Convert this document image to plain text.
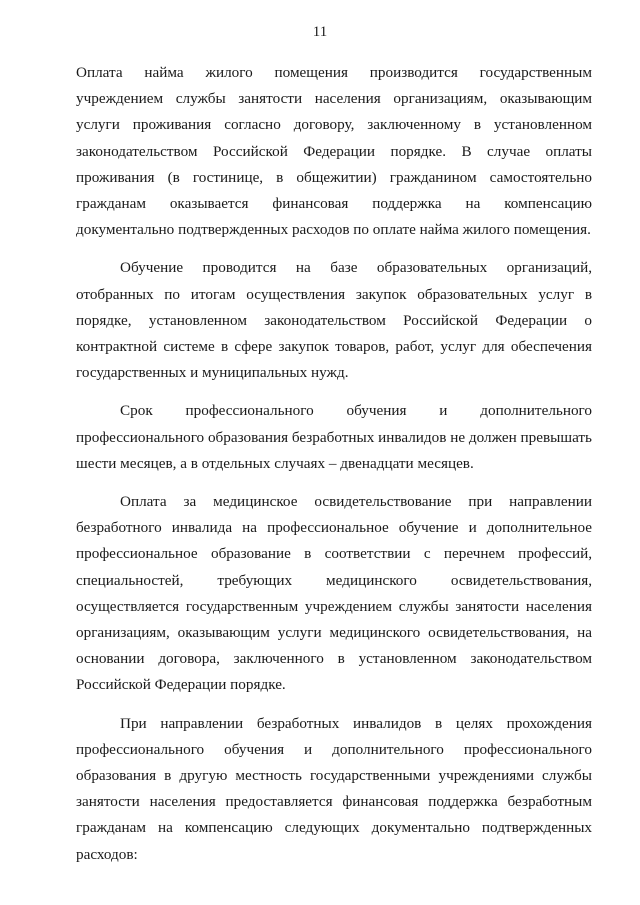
11

Оплата найма жилого помещения производится государственным учреждением службы занятости населения организациям, оказывающим услуги проживания согласно договору, заключенному в установленном законодательством Российской Федерации порядке. В случае оплаты проживания (в гостинице, в общежитии) гражданином самостоятельно гражданам оказывается финансовая поддержка на компенсацию документально подтвержденных расходов по оплате найма жилого помещения.

Обучение проводится на базе образовательных организаций, отобранных по итогам осуществления закупок образовательных услуг в порядке, установленном законодательством Российской Федерации о контрактной системе в сфере закупок товаров, работ, услуг для обеспечения государственных и муниципальных нужд.

Срок профессионального обучения и дополнительного профессионального образования безработных инвалидов не должен превышать шести месяцев, а в отдельных случаях – двенадцати месяцев.

Оплата за медицинское освидетельствование при направлении безработного инвалида на профессиональное обучение и дополнительное профессиональное образование в соответствии с перечнем профессий, специальностей, требующих медицинского освидетельствования, осуществляется государственным учреждением службы занятости населения организациям, оказывающим услуги медицинского освидетельствования, на основании договора, заключенного в установленном законодательством Российской Федерации порядке.

При направлении безработных инвалидов в целях прохождения профессионального обучения и дополнительного профессионального образования в другую местность государственными учреждениями службы занятости населения предоставляется финансовая поддержка безработным гражданам на компенсацию следующих документально подтвержденных расходов:
